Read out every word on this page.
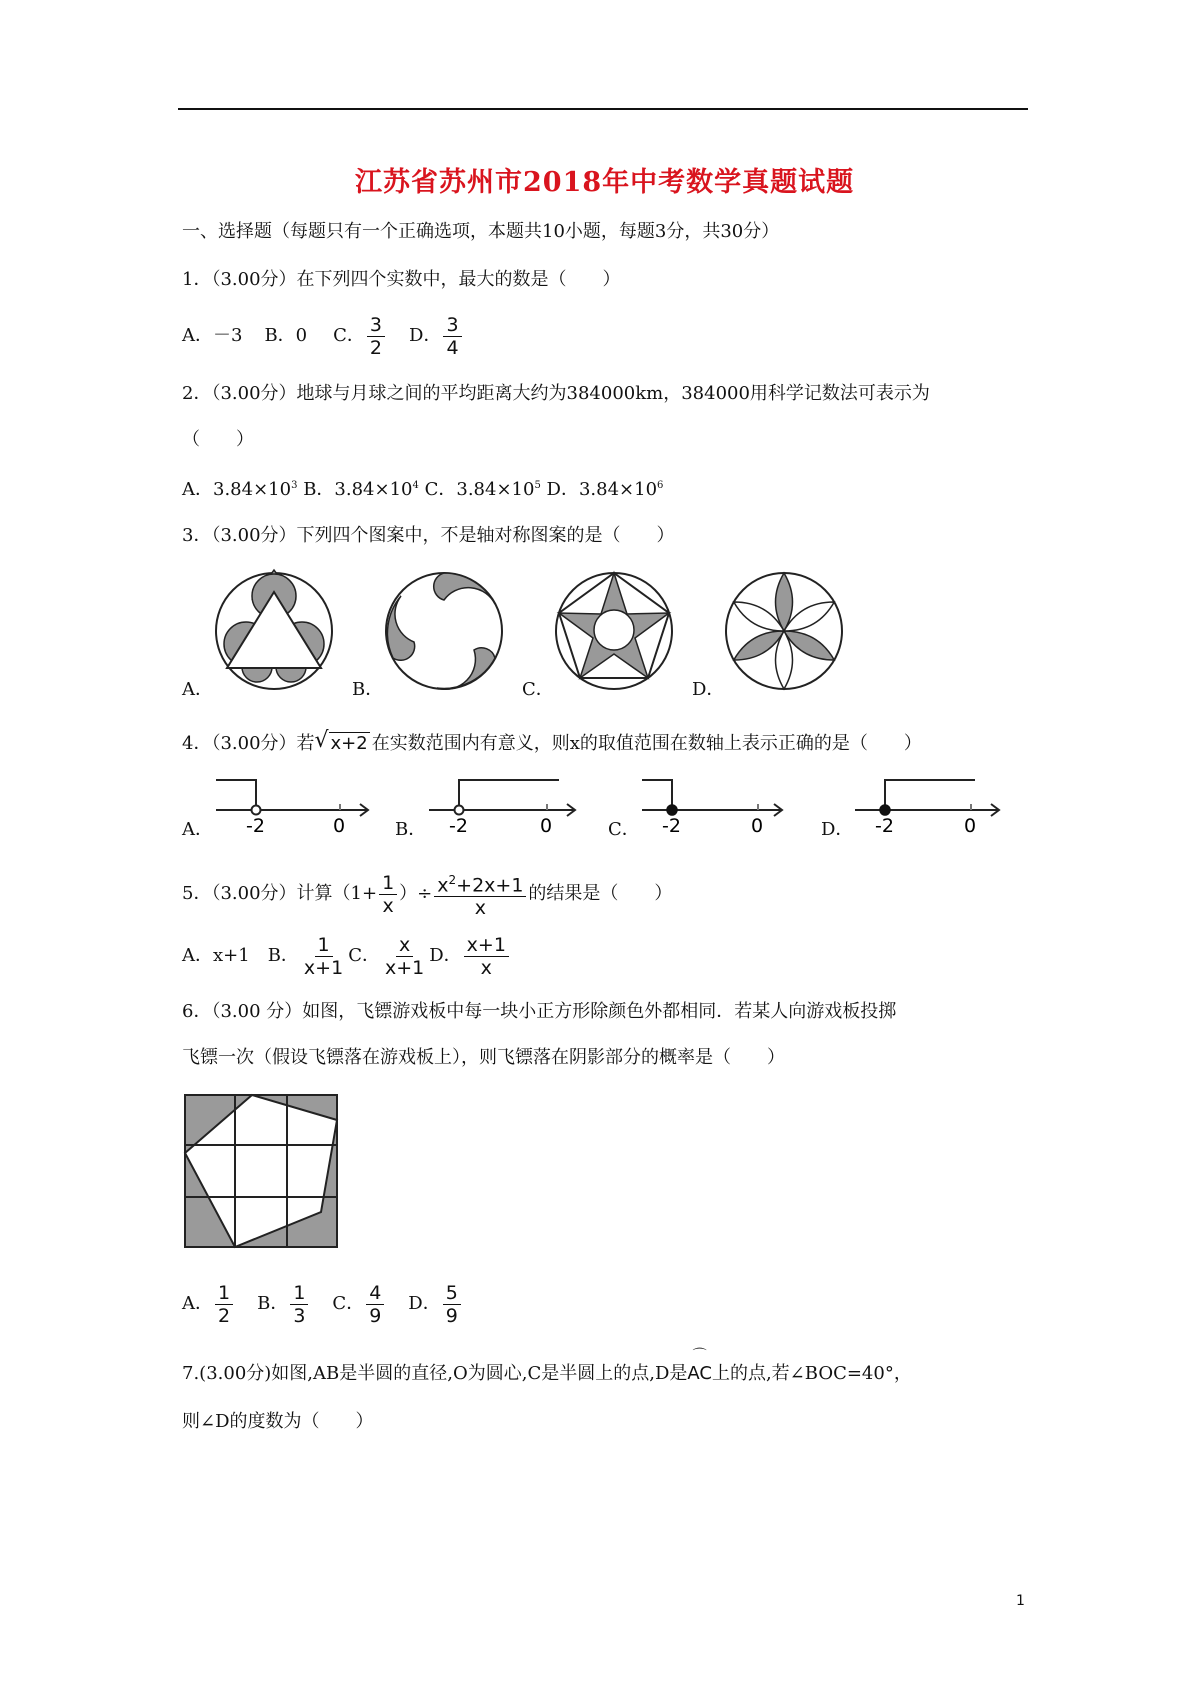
江苏省苏州市2018年中考数学真题试题
一、选择题（每题只有一个正确选项，本题共10小题，每题3分，共30分）
1．（3.00分）在下列四个实数中，最大的数是（　　）
A．－3 B．0 C． $\frac{3}{2}$ D． $\frac{3}{4}$
2．（3.00分）地球与月球之间的平均距离大约为384000km，384000用科学记数法可表示为
（　　）
A．$3.84\times 10^3$ B．$3.84\times 10^4$ C．$3.84\times 10^5$ D．$3.84\times 10^6$
3．（3.00分）下列四个图案中，不是轴对称图案的是（　　）
A．	B．	C．	D．
4．（3.00分）若 √ x+2 在实数范围内有意义，则x的取值范围在数轴上表示正确的是（　　）
A．	B．	C．	D．
-2	0	-2	0	-2	0	-2	0
5．（3.00分）计算（$1+ \frac{1}{x}$ ）÷ $\frac{x^2+2x+1}{x}$ 的结果是（　　）
A．x+1 B． $\frac{1}{x+1}$ C． $\frac{x}{x+1}$ D． $\frac{x+1}{x}$
6．（3.00 分）如图，飞镖游戏板中每一块小正方形除颜色外都相同．若某人向游戏板投掷
飞镖一次（假设飞镖落在游戏板上），则飞镖落在阴影部分的概率是（　　）
A． $\frac{1}{2}$ B． $\frac{1}{3}$ C． $\frac{4}{9}$ D． $\frac{5}{9}$
7.(3.00分)如图,AB是半圆的直径,O为圆心,C是半圆上的点,D是
⌒
AC上的点,若∠BOC=40°，
则∠D的度数为（　　）
1
